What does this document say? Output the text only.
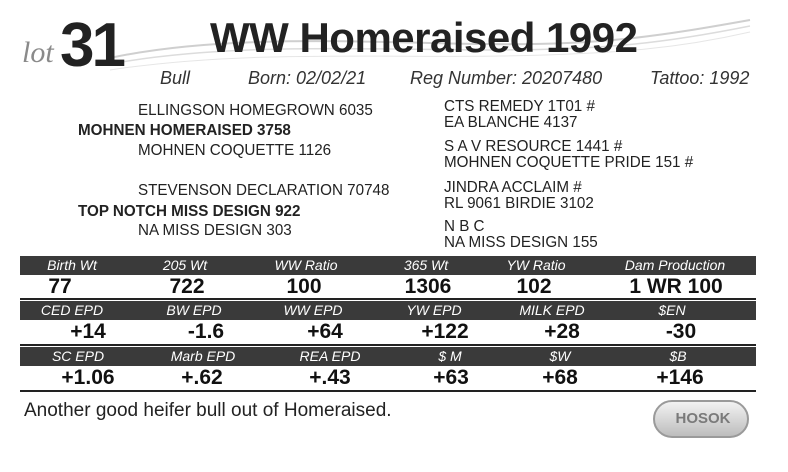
lot 31 WW Homeraised 1992
Bull	Born: 02/02/21 Reg Number: 20207480	Tattoo: 1992
ELLINGSON HOMEGROWN 6035
MOHNEN HOMERAISED 3758
MOHNEN COQUETTE 1126
STEVENSON DECLARATION 70748
TOP NOTCH MISS DESIGN 922
NA MISS DESIGN 303
CTS REMEDY 1T01 #
EA BLANCHE 4137
S A V RESOURCE 1441 #
MOHNEN COQUETTE PRIDE 151 #
JINDRA ACCLAIM #
RL 9061 BIRDIE 3102
N B C
NA MISS DESIGN 155
Birth Wt	205 Wt	WW Ratio	365 Wt	YW Ratio	Dam Production
77	722	100	1306	102	1 WR 100
CED EPD	BW EPD	WW EPD	YW EPD	MILK EPD	$EN
+14	-1.6	+64	+122	+28	-30
SC EPD	Marb EPD	REA EPD	$ M	$W	$B
+1.06	+.62	+.43	+63	+68	+146
Another good heifer bull out of Homeraised.	HOSOK
